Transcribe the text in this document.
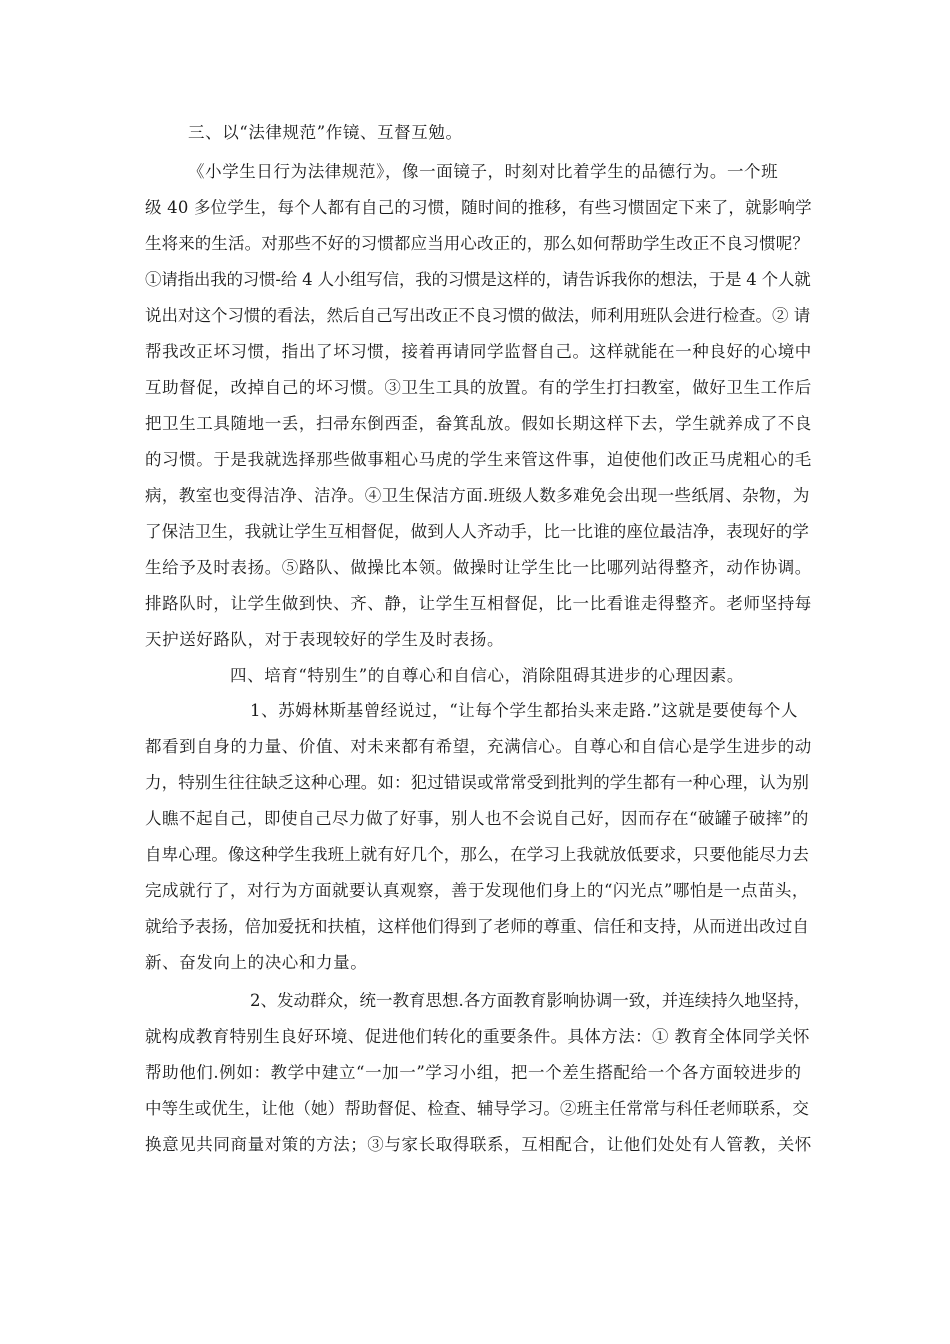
三、以“法律规范”作镜、互督互勉。
《小学生日行为法律规范》，像一面镜子，时刻对比着学生的品德行为。一个班
级 40 多位学生，每个人都有自己的习惯，随时间的推移，有些习惯固定下来了，就影响学
生将来的生活。对那些不好的习惯都应当用心改正的，那么如何帮助学生改正不良习惯呢？
①请指出我的习惯-给 4 人小组写信，我的习惯是这样的，请告诉我你的想法，于是 4 个人就
说出对这个习惯的看法，然后自己写出改正不良习惯的做法，师利用班队会进行检查。② 请
帮我改正坏习惯，指出了坏习惯，接着再请同学监督自己。这样就能在一种良好的心境中
互助督促，改掉自己的坏习惯。③卫生工具的放置。有的学生打扫教室，做好卫生工作后
把卫生工具随地一丢，扫帚东倒西歪，畚箕乱放。假如长期这样下去，学生就养成了不良
的习惯。于是我就选择那些做事粗心马虎的学生来管这件事，迫使他们改正马虎粗心的毛
病，教室也变得洁净、洁净。④卫生保洁方面.班级人数多难免会出现一些纸屑、杂物，为
了保洁卫生，我就让学生互相督促，做到人人齐动手，比一比谁的座位最洁净，表现好的学
生给予及时表扬。⑤路队、做操比本领。做操时让学生比一比哪列站得整齐，动作协调。
排路队时，让学生做到快、齐、静，让学生互相督促，比一比看谁走得整齐。老师坚持每
天护送好路队，对于表现较好的学生及时表扬。
四、培育“特别生”的自尊心和自信心，消除阻碍其进步的心理因素。
1、苏姆林斯基曾经说过，“让每个学生都抬头来走路.”这就是要使每个人
都看到自身的力量、价值、对未来都有希望，充满信心。自尊心和自信心是学生进步的动
力，特别生往往缺乏这种心理。如：犯过错误或常常受到批判的学生都有一种心理，认为别
人瞧不起自己，即使自己尽力做了好事，别人也不会说自己好，因而存在“破罐子破摔”的
自卑心理。像这种学生我班上就有好几个，那么，在学习上我就放低要求，只要他能尽力去
完成就行了，对行为方面就要认真观察，善于发现他们身上的“闪光点”哪怕是一点苗头，
就给予表扬，倍加爱抚和扶植，这样他们得到了老师的尊重、信任和支持，从而迸出改过自
新、奋发向上的决心和力量。
2、发动群众，统一教育思想.各方面教育影响协调一致，并连续持久地坚持，
就构成教育特别生良好环境、促进他们转化的重要条件。具体方法：① 教育全体同学关怀
帮助他们.例如：教学中建立“一加一”学习小组，把一个差生搭配给一个各方面较进步的
中等生或优生，让他（她）帮助督促、检查、辅导学习。②班主任常常与科任老师联系，交
换意见共同商量对策的方法；③与家长取得联系，互相配合，让他们处处有人管教，关怀
